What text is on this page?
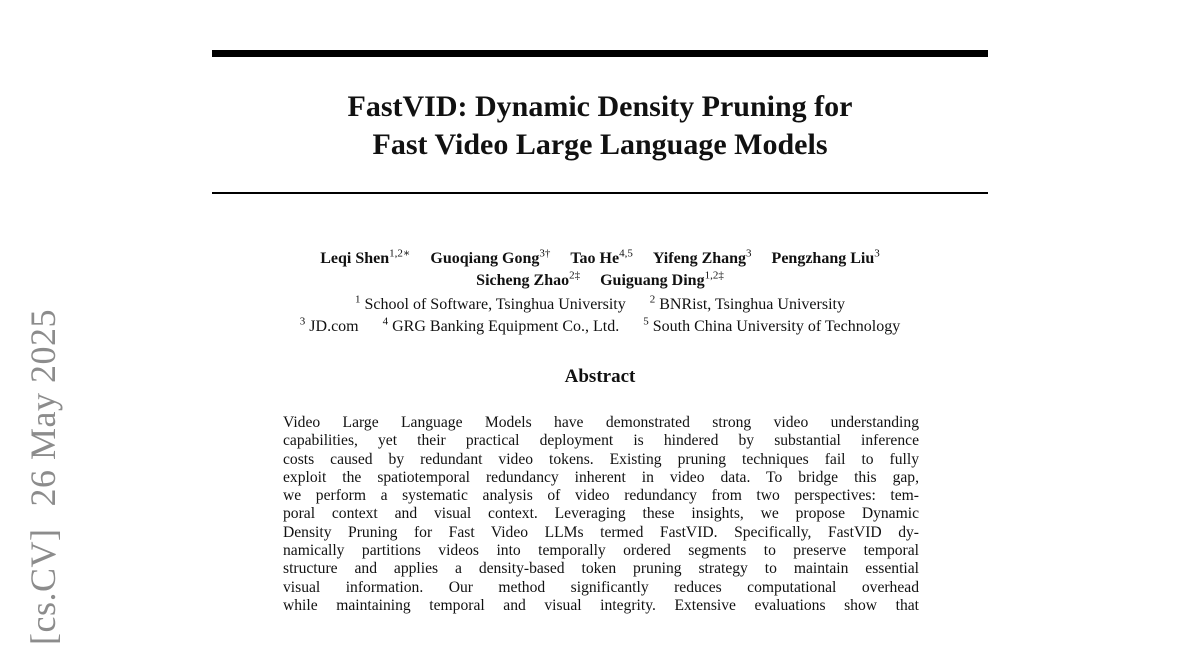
FastVID: Dynamic Density Pruning for
Fast Video Large Language Models
Leqi Shen$^{1,2∗}$ Guoqiang Gong$^{3\dagger}$ Tao He$^{4,5}$ Yifeng Zhang$^3$ Pengzhang Liu$^3$
Sicheng Zhao$^{2\ddagger}$ Guiguang Ding$^{1,2\ddagger}$
$^1$ School of Software, Tsinghua University $^2$ BNRist, Tsinghua University
$^3$ JD.com $^4$ GRG Banking Equipment Co., Ltd. $^5$ South China University of Technology
Abstract
Video Large Language Models have demonstrated strong video understanding
capabilities, yet their practical deployment is hindered by substantial inference
costs caused by redundant video tokens. Existing pruning techniques fail to fully
exploit the spatiotemporal redundancy inherent in video data. To bridge this gap,
we perform a systematic analysis of video redundancy from two perspectives: tem-
poral context and visual context. Leveraging these insights, we propose Dynamic
Density Pruning for Fast Video LLMs termed FastVID. Specifically, FastVID dy-
namically partitions videos into temporally ordered segments to preserve temporal
structure and applies a density-based token pruning strategy to maintain essential
visual information. Our method significantly reduces computational overhead
while maintaining temporal and visual integrity. Extensive evaluations show that
[cs.CV]26 May 2025
